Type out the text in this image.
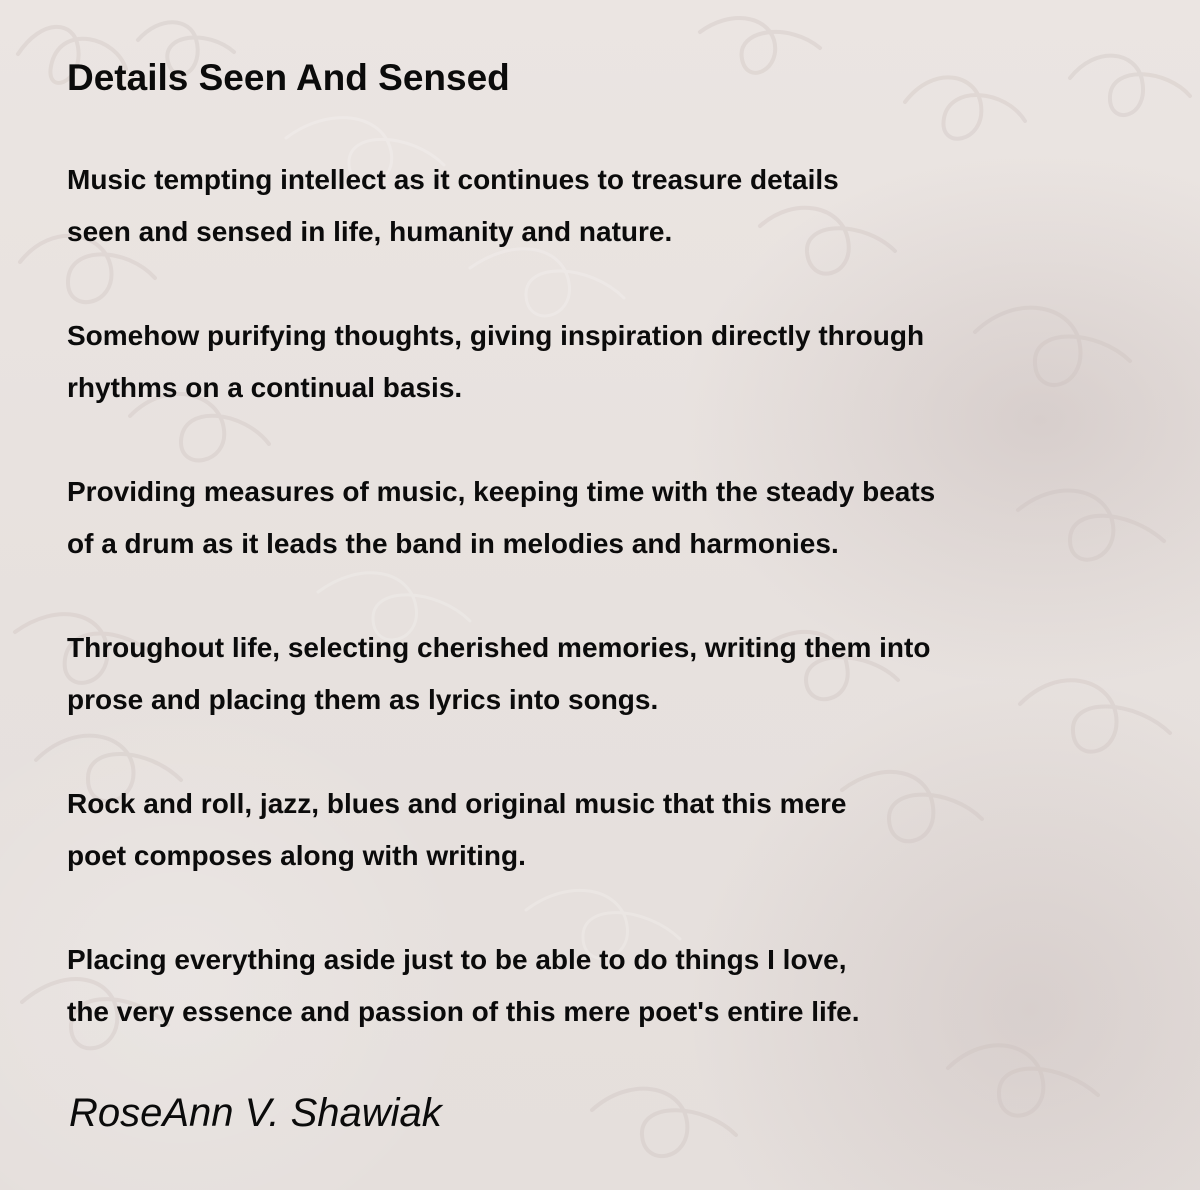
Details Seen And Sensed

Music tempting intellect as it continues to treasure details
seen and sensed in life, humanity and nature.

Somehow purifying thoughts, giving inspiration directly through
rhythms on a continual basis.

Providing measures of music, keeping time with the steady beats
of a drum as it leads the band in melodies and harmonies.

Throughout life, selecting cherished memories, writing them into
prose and placing them as lyrics into songs.

Rock and roll, jazz, blues and original music that this mere
poet composes along with writing.

Placing everything aside just to be able to do things I love,
the very essence and passion of this mere poet's entire life.

RoseAnn V. Shawiak
